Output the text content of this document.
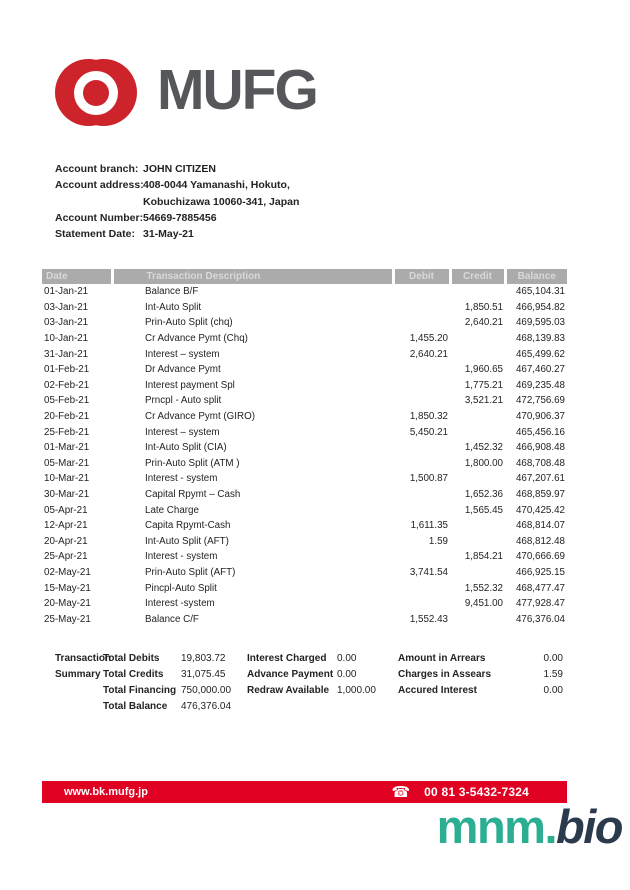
MUFG
Account branch: JOHN CITIZEN
Account address: 408-0044 Yamanashi, Hokuto,
Kobuchizawa 10060-341, Japan
Account Number: 54669-7885456
Statement Date: 31-May-21
Date	Transaction Description	Debit	Credit	Balance
01-Jan-21	Balance B/F			465,104.31
03-Jan-21	Int-Auto Split		1,850.51	466,954.82
03-Jan-21	Prin-Auto Split (chq)		2,640.21	469,595.03
10-Jan-21	Cr Advance Pymt (Chq)	1,455.20		468,139.83
31-Jan-21	Interest – system	2,640.21		465,499.62
01-Feb-21	Dr Advance Pymt		1,960.65	467,460.27
02-Feb-21	Interest payment Spl		1,775.21	469,235.48
05-Feb-21	Prncpl - Auto split		3,521.21	472,756.69
20-Feb-21	Cr Advance Pymt (GIRO)	1,850.32		470,906.37
25-Feb-21	Interest – system	5,450.21		465,456.16
01-Mar-21	Int-Auto Split (CIA)		1,452.32	466,908.48
05-Mar-21	Prin-Auto Split (ATM )		1,800.00	468,708.48
10-Mar-21	Interest - system	1,500.87		467,207.61
30-Mar-21	Capital Rpymt – Cash		1,652.36	468,859.97
05-Apr-21	Late Charge		1,565.45	470,425.42
12-Apr-21	Capita Rpymt-Cash	1,611.35		468,814.07
20-Apr-21	Int-Auto Split (AFT)	1.59		468,812.48
25-Apr-21	Interest - system		1,854.21	470,666.69
02-May-21	Prin-Auto Split (AFT)	3,741.54		466,925.15
15-May-21	Pincpl-Auto Split		1,552.32	468,477.47
20-May-21	Interest -system		9,451.00	477,928.47
25-May-21	Balance C/F	1,552.43		476,376.04
Transaction
Summary
Total Debits	19,803.72
Total Credits	31,075.45
Total Financing 750,000.00
Total Balance	476,376.04
Interest Charged	0.00
Advance Payment 0.00
Redraw Available 1,000.00
Amount in Arrears	0.00
Charges in Assears	1.59
Accured Interest	0.00
www.bk.mufg.jp	☎ 00 81 3-5432-7324
mnm.bio
